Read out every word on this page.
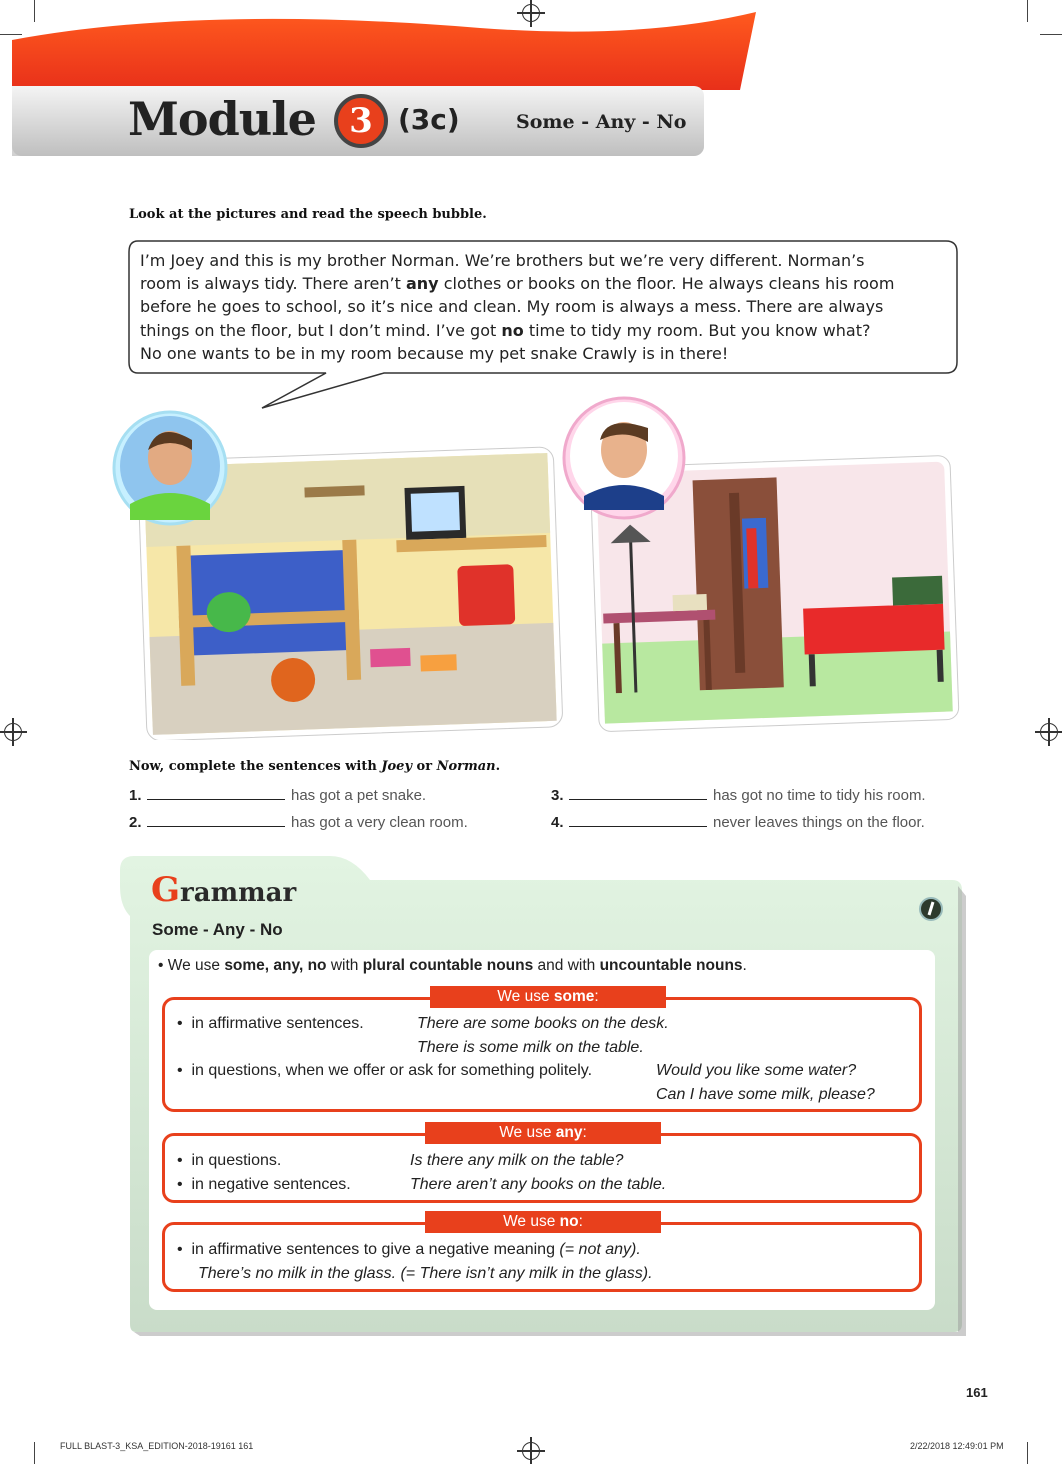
Module 3 (3c)	Some - Any - No
Look at the pictures and read the speech bubble.
I’m Joey and this is my brother Norman. We’re brothers but we’re very different. Norman’s
room is always tidy. There aren’t any clothes or books on the floor. He always cleans his room
before he goes to school, so it’s nice and clean. My room is always a mess. There are always
things on the floor, but I don’t mind. I’ve got no time to tidy my room. But you know what?
No one wants to be in my room because my pet snake Crawly is in there!
Now, complete the sentences with Joey or Norman.
1.	has got a pet snake.
2.	has got a very clean room.
3.	has got no time to tidy his room.
4.	never leaves things on the floor.
Grammar
Some - Any - No
• We use some, any, no with plural countable nouns and with uncountable nouns.
We use some:
•  in affirmative sentences.	There are some books on the desk.
There is some milk on the table.
•  in questions, when we offer or ask for something politely.	Would you like some water?
Can I have some milk, please?
We use any:
•  in questions.	Is there any milk on the table?
•  in negative sentences.	There aren’t any books on the table.
We use no:
•  in affirmative sentences to give a negative meaning (= not any).
There’s no milk in the glass. (= There isn’t any milk in the glass).
161
FULL BLAST-3_KSA_EDITION-2018-19161 161	2/22/2018 12:49:01 PM
